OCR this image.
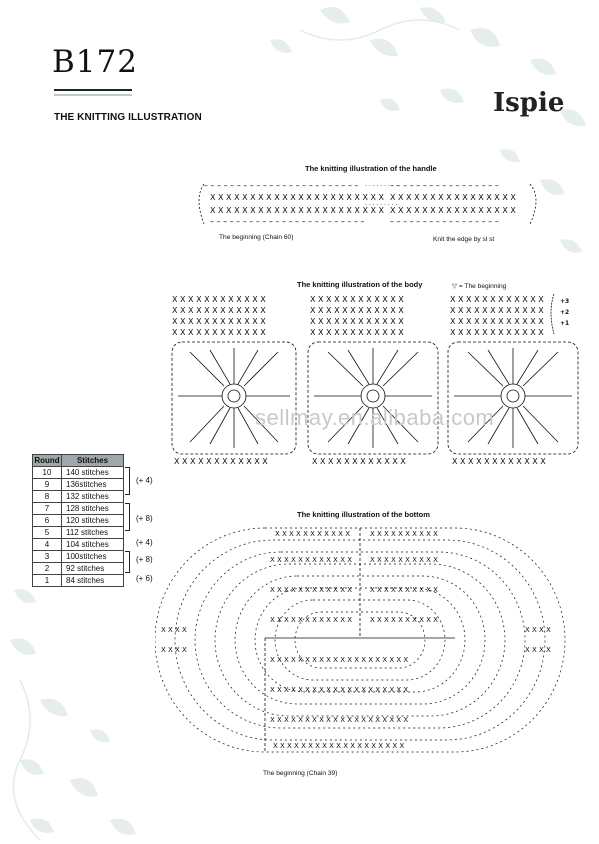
B172
THE KNITTING ILLUSTRATION	Ispie
The knitting illustration of the handle
– – – – – – – – – – – – – – – – – – – – – – – –	– – – – – – – – – – – – – – – – –
X X X X X X X X X X X X X X X X X X X X X X X X X X X X X X X X X X X X X X
X X X X X X X X X X X X X X X X X X X X X X X X X X X X X X X X X X X X X X
– – – – – – – – – – – – – – – – – – – – – – – –	– – – – – – – – – – – – – – – – –
· · · · · · · · ·
· · · · · · · · ·
The beginning (Chain 60)	Knit the edge by sl st
The knitting illustration of the body	▽ = The beginning
X X X X X X X X X X X X	X X X X X X X X X X X X	X X X X X X X X X X X X
X X X X X X X X X X X X	X X X X X X X X X X X X	X X X X X X X X X X X X
X X X X X X X X X X X X	X X X X X X X X X X X X	X X X X X X X X X X X X
X X X X X X X X X X X X	X X X X X X X X X X X X	X X X X X X X X X X X X
X X X X X X X X X X X X	X X X X X X X X X X X X	X X X X X X X X X X X X
+3
+2
+1
sellmay.en.alibaba.com
Round	Stitches
10	140 stitches
9	136stitches
8	132 stitches
7	128 stitches
6	120 stitches
5	112 stitches
4	104 stitches
3	100stitches
2	92 stitches
1	84 stitches
(+ 4)
(+ 8)
(+ 4)
(+ 8)
(+ 6)
The knitting illustration of the bottom
X X X X X X X X X X X	X X X X X X X X X X
X X X X X X X X X X X X	X X X X X X X X X X
X X X X X X X X X X X X	X X X X X X X X X X
X X X X X X X X X X X X	X X X X X X X X X X
X X X X X X X X X X X X X X X X X X X X
X X X X X X X X X X X X X X X X X X X X
X X X X X X X X X X X X X X X X X X X X
X X X X X X X X X X X X X X X X X X X
X X X X
X X X X
X X X X
X X X X
The beginning (Chain 39)
